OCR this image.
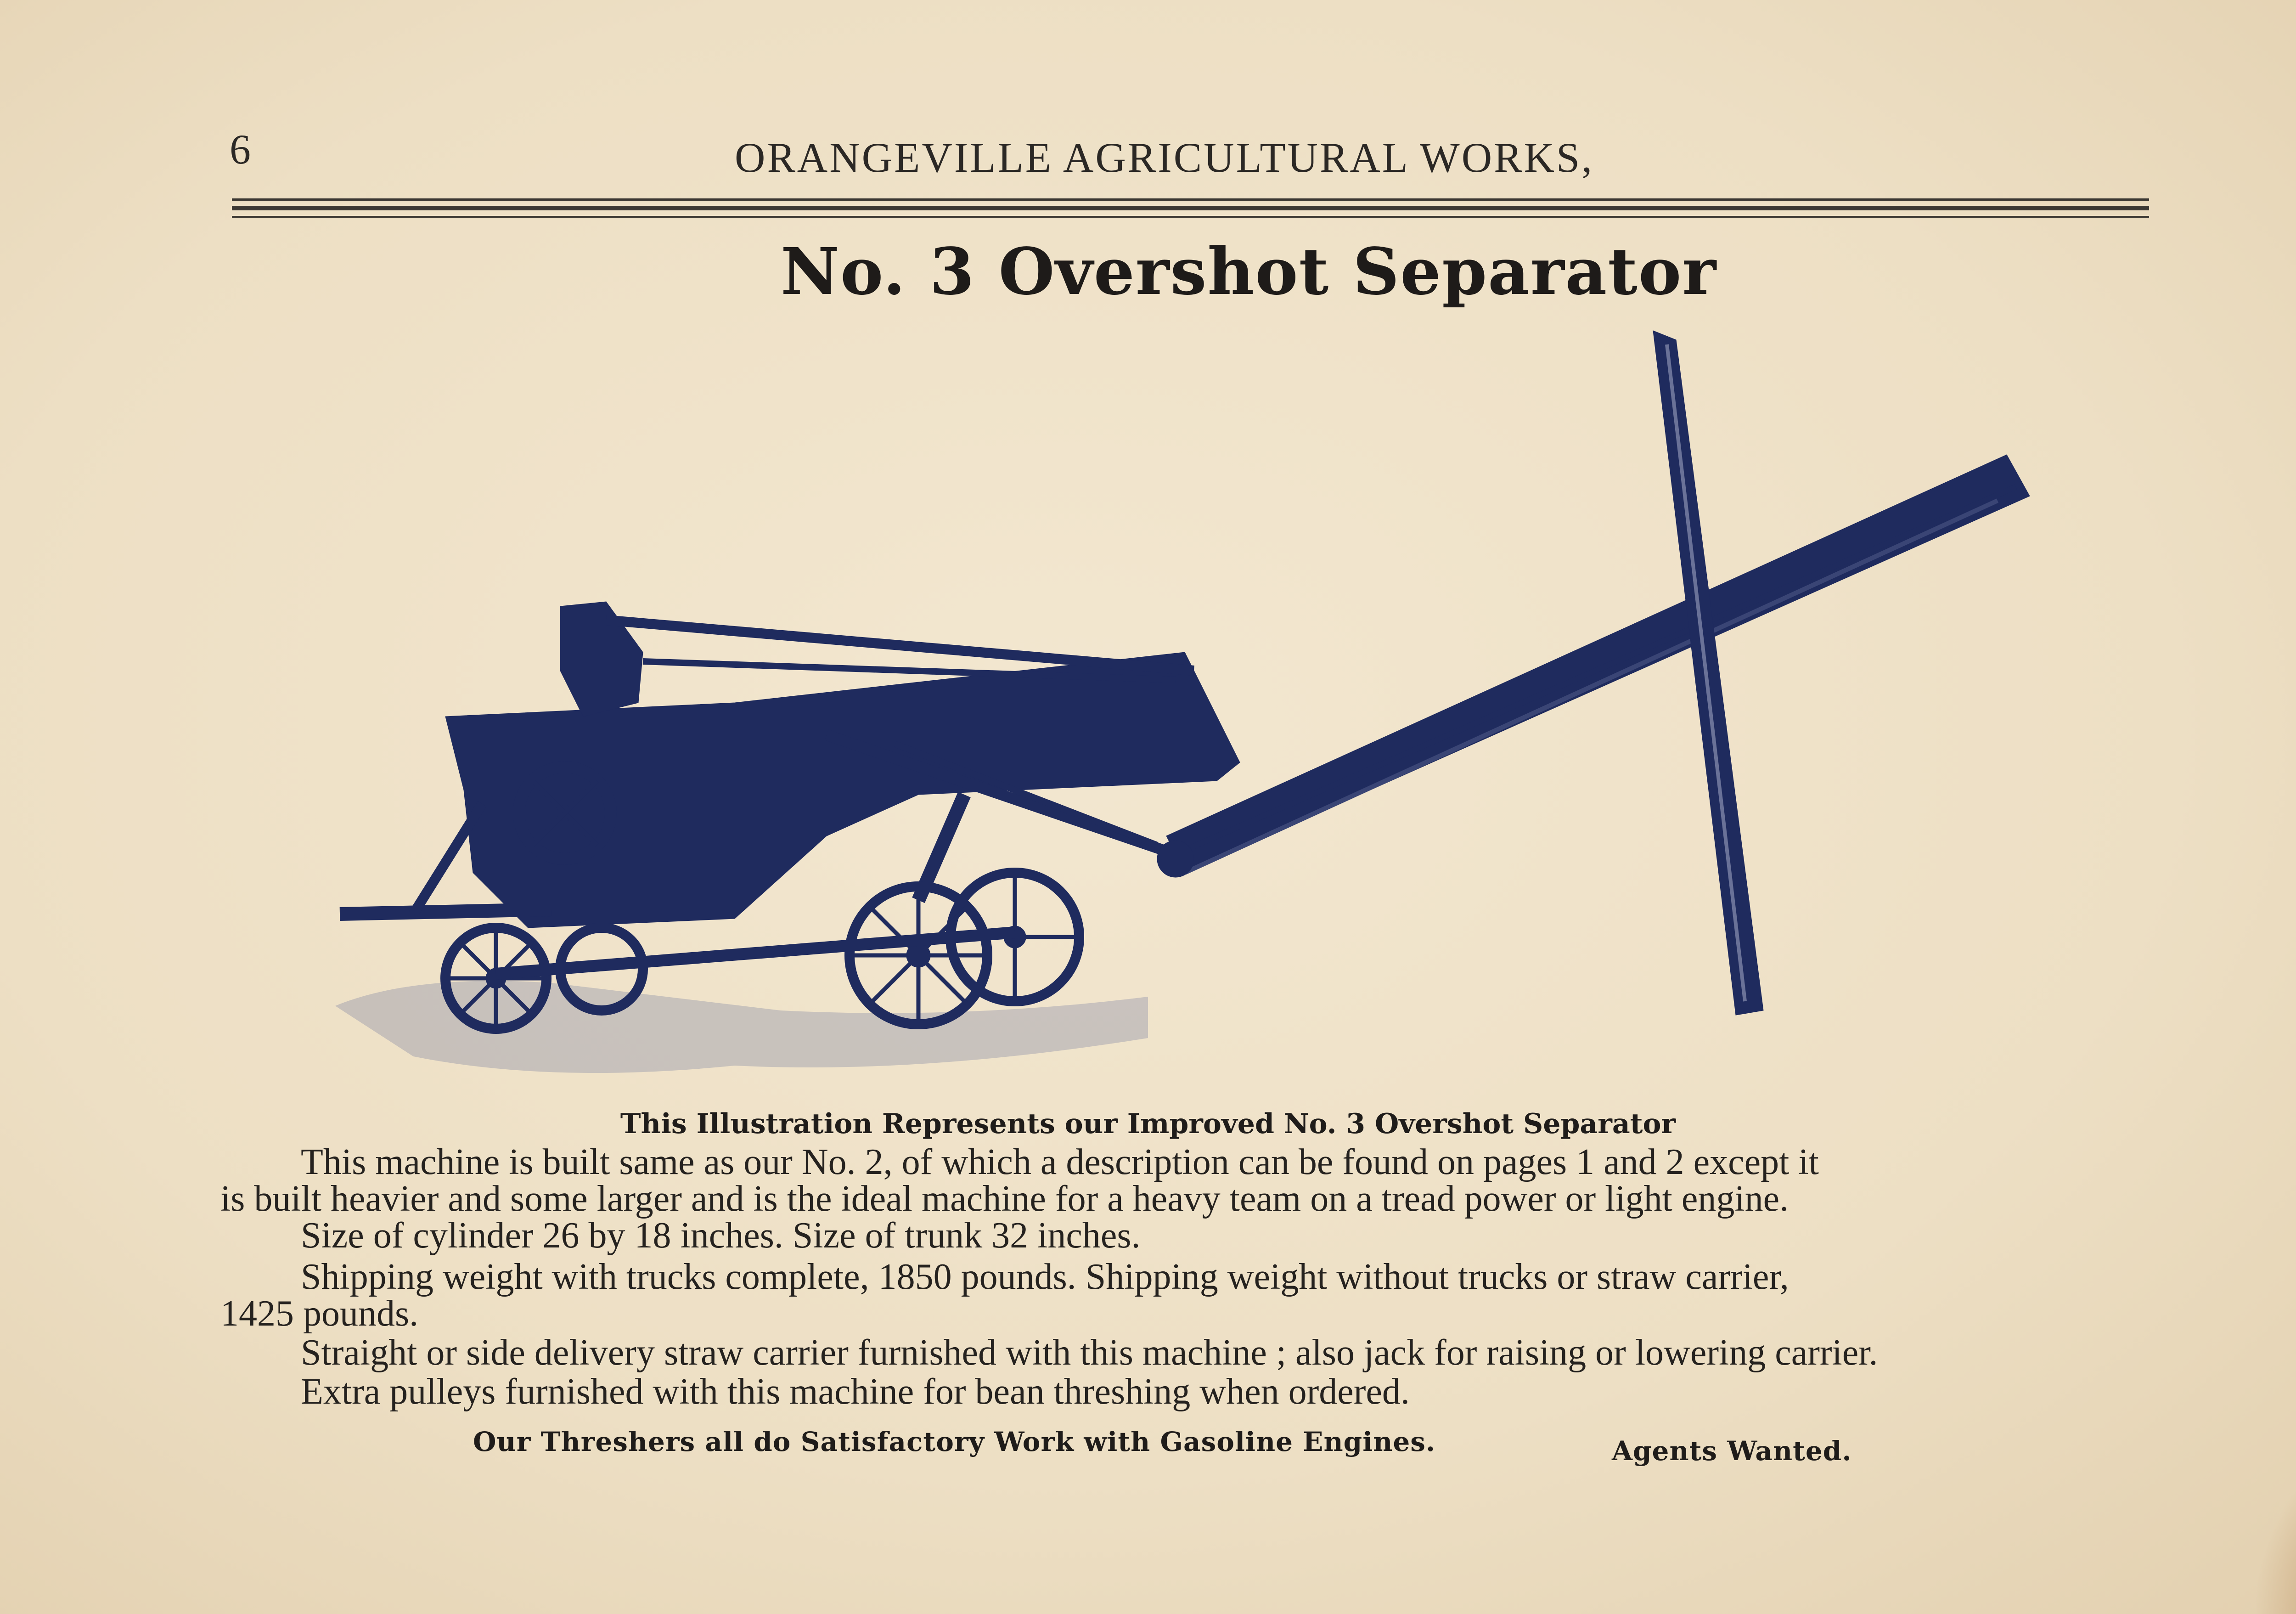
6	ORANGEVILLE AGRICULTURAL WORKS,
No. 3 Overshot Separator
This Illustration Represents our Improved No. 3 Overshot Separator
This machine is built same as our No. 2, of which a description can be found on pages 1 and 2 except it
is built heavier and some larger and is the ideal machine for a heavy team on a tread power or light engine.
Size of cylinder 26 by 18 inches. Size of trunk 32 inches.
Shipping weight with trucks complete, 1850 pounds. Shipping weight without trucks or straw carrier,
1425 pounds.
Straight or side delivery straw carrier furnished with this machine ; also jack for raising or lowering carrier.
Extra pulleys furnished with this machine for bean threshing when ordered.
Our Threshers all do Satisfactory Work with Gasoline Engines.	Agents Wanted.
